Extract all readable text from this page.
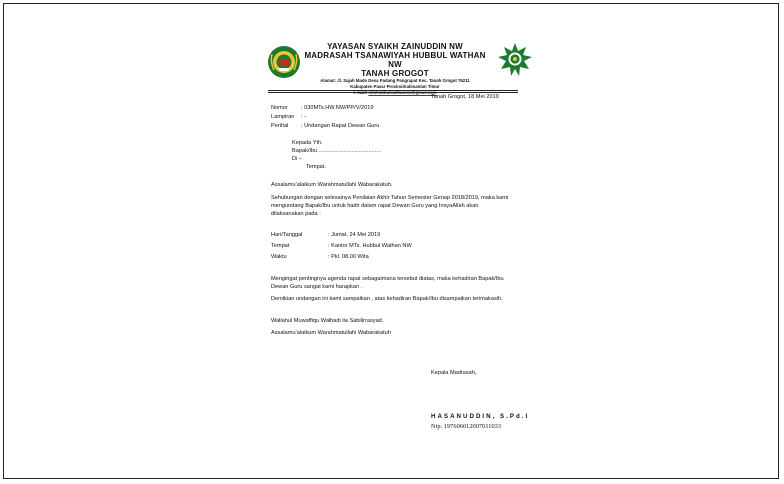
YAYASAN SYAIKH ZAINUDDIN NW
MADRASAH TSANAWIYAH HUBBUL WATHAN NW
TANAH GROGOT
Alamat: Jl. Sajah Mado Desa Padang Pangrapat Kec. Tanah Grogot 76211
Kabupaten Pasar ProvinsiKalimantan Timur
Tanah Grogot, 18 Mei 2019
Nomor : 030MTs.HW.NW/PP/V/2019
Lampiran : -
Perihal : Undangan Rapat Dewan Guru
Kepada Yth.
Bapak/Ibu ........................................
Di –
Tempat.
Assalamu’alaikum Warahmatullahi Wabarakatuh.
Sehubungan dengan selesainya Penilaian Akhir Tahun Semester Genap 2018/2019, maka kami
mengundang Bapak/Ibu untuk hadir dalam rapat Dewan Guru yang InsyaAllah akan
dilaksanakan pada :
Hari/Tanggal	: Jumat, 24 Mei 2019
Tempat	: Kantor MTs. Hubbul Wathan NW
Waktu	: Pkl. 08.00 Wita
Mengingat pentingnya agenda rapat sebagaimana tersebut diatas, maka kehadiran Bapak/Ibu
Dewan Guru sangat kami harapkan .
Demikian undangan ini kami sampaikan , atas kehadiran Bapak/Ibu disampaikan terimakasih.
Wallahul Muwaffiqu Walhadi ila Sabilirrasyad.
Assalamu’alaikum Warahmatullahi Wabarakatuh
Kepala Madrasah,
HASANUDDIN, S.Pd.I
Nip. 197606012007011033
